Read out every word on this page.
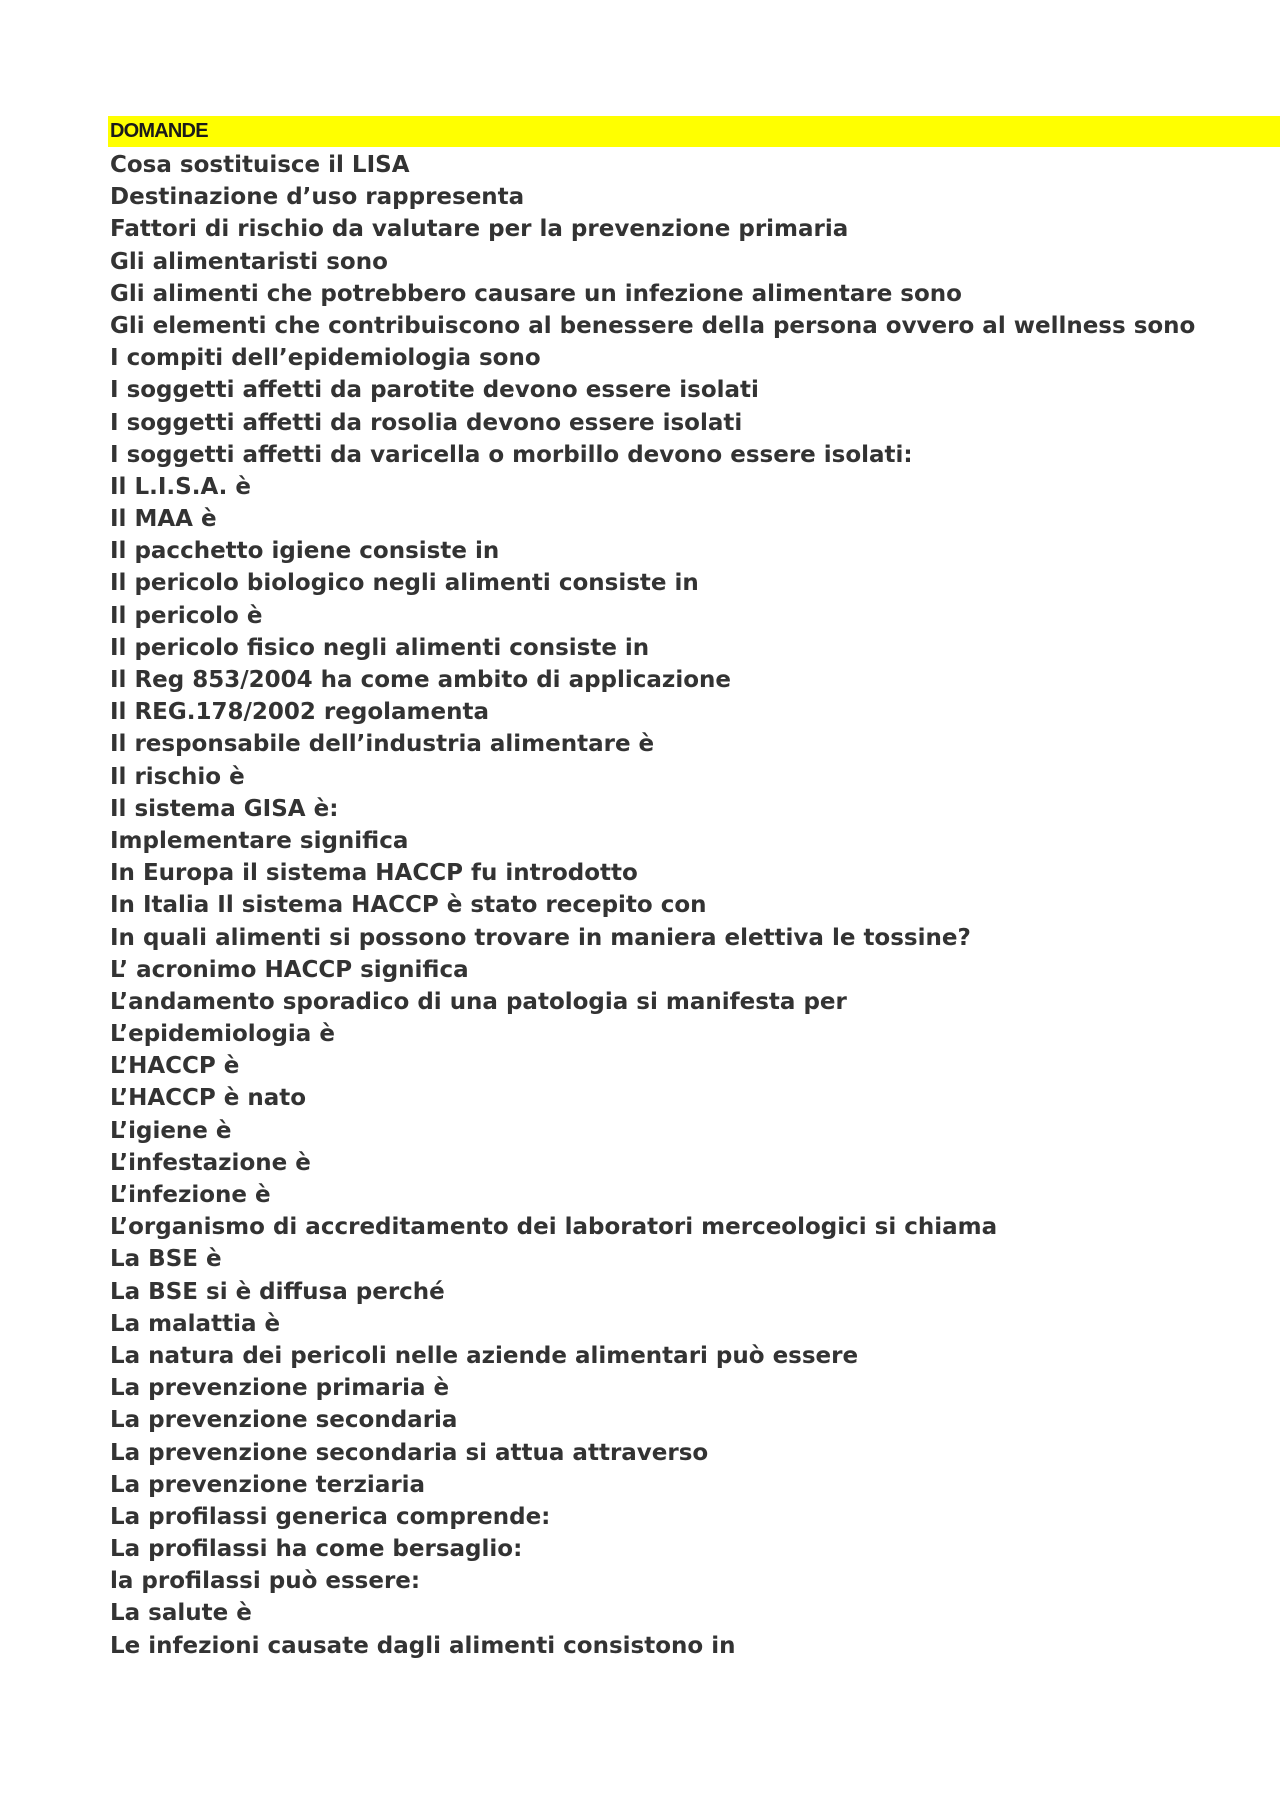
DOMANDE
Cosa sostituisce il LISA
Destinazione d’uso rappresenta
Fattori di rischio da valutare per la prevenzione primaria
Gli alimentaristi sono
Gli alimenti che potrebbero causare un infezione alimentare sono
Gli elementi che contribuiscono al benessere della persona ovvero al wellness sono
I compiti dell’epidemiologia sono
I soggetti affetti da parotite devono essere isolati
I soggetti affetti da rosolia devono essere isolati
I soggetti affetti da varicella o morbillo devono essere isolati:
Il L.I.S.A. è
Il MAA è
Il pacchetto igiene consiste in
Il pericolo biologico negli alimenti consiste in
Il pericolo è
Il pericolo fisico negli alimenti consiste in
Il Reg 853/2004 ha come ambito di applicazione
Il REG.178/2002 regolamenta
Il responsabile dell’industria alimentare è
Il rischio è
Il sistema GISA è:
Implementare significa
In Europa il sistema HACCP fu introdotto
In Italia Il sistema HACCP è stato recepito con
In quali alimenti si possono trovare in maniera elettiva le tossine?
L’ acronimo HACCP significa
L’andamento sporadico di una patologia si manifesta per
L’epidemiologia è
L’HACCP è
L’HACCP è nato
L’igiene è
L’infestazione è
L’infezione è
L’organismo di accreditamento dei laboratori merceologici si chiama
La BSE è
La BSE si è diffusa perché
La malattia è
La natura dei pericoli nelle aziende alimentari può essere
La prevenzione primaria è
La prevenzione secondaria
La prevenzione secondaria si attua attraverso
La prevenzione terziaria
La profilassi generica comprende:
La profilassi ha come bersaglio:
la profilassi può essere:
La salute è
Le infezioni causate dagli alimenti consistono in
